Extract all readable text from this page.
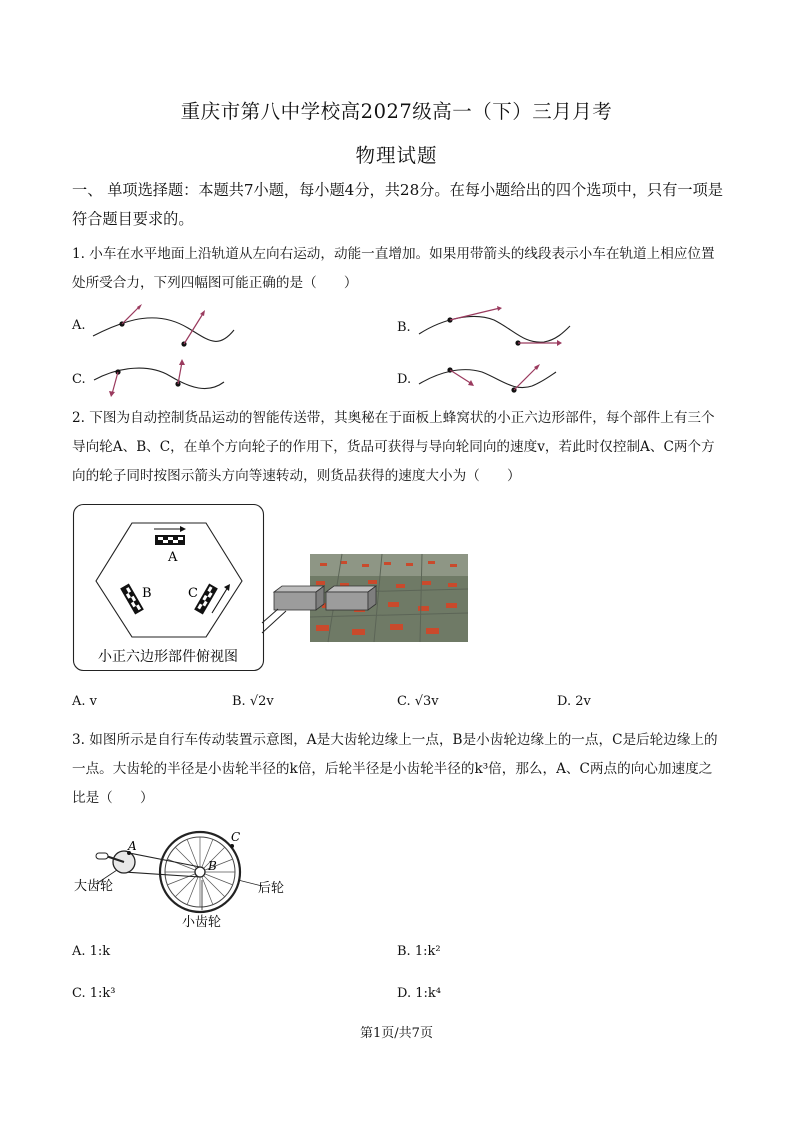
重庆市第八中学校高2027级高一（下）三月月考
物理试题
一、 单项选择题：本题共7小题，每小题4分，共28分。在每小题给出的四个选项中，只有一项是符合题目要求的。
1. 小车在水平地面上沿轨道从左向右运动，动能一直增加。如果用带箭头的线段表示小车在轨道上相应位置处所受合力，下列四幅图可能正确的是（　　）
A.	B.
C.	D.
2. 下图为自动控制货品运动的智能传送带，其奥秘在于面板上蜂窝状的小正六边形部件，每个部件上有三个导向轮A、B、C，在单个方向轮子的作用下，货品可获得与导向轮同向的速度v，若此时仅控制A、C两个方向的轮子同时按图示箭头方向等速转动，则货品获得的速度大小为（　　）
A
B	C
小正六边形部件俯视图
A. v	B. √2v	C. √3v	D. 2v
3. 如图所示是自行车传动装置示意图，A是大齿轮边缘上一点，B是小齿轮边缘上的一点，C是后轮边缘上的一点。大齿轮的半径是小齿轮半径的k倍，后轮半径是小齿轮半径的k³倍，那么，A、C两点的向心加速度之比是（　　）
A
B
C
大齿轮	后轮
小齿轮
A. 1:k	B. 1:k²
C. 1:k³	D. 1:k⁴
第1页/共7页
